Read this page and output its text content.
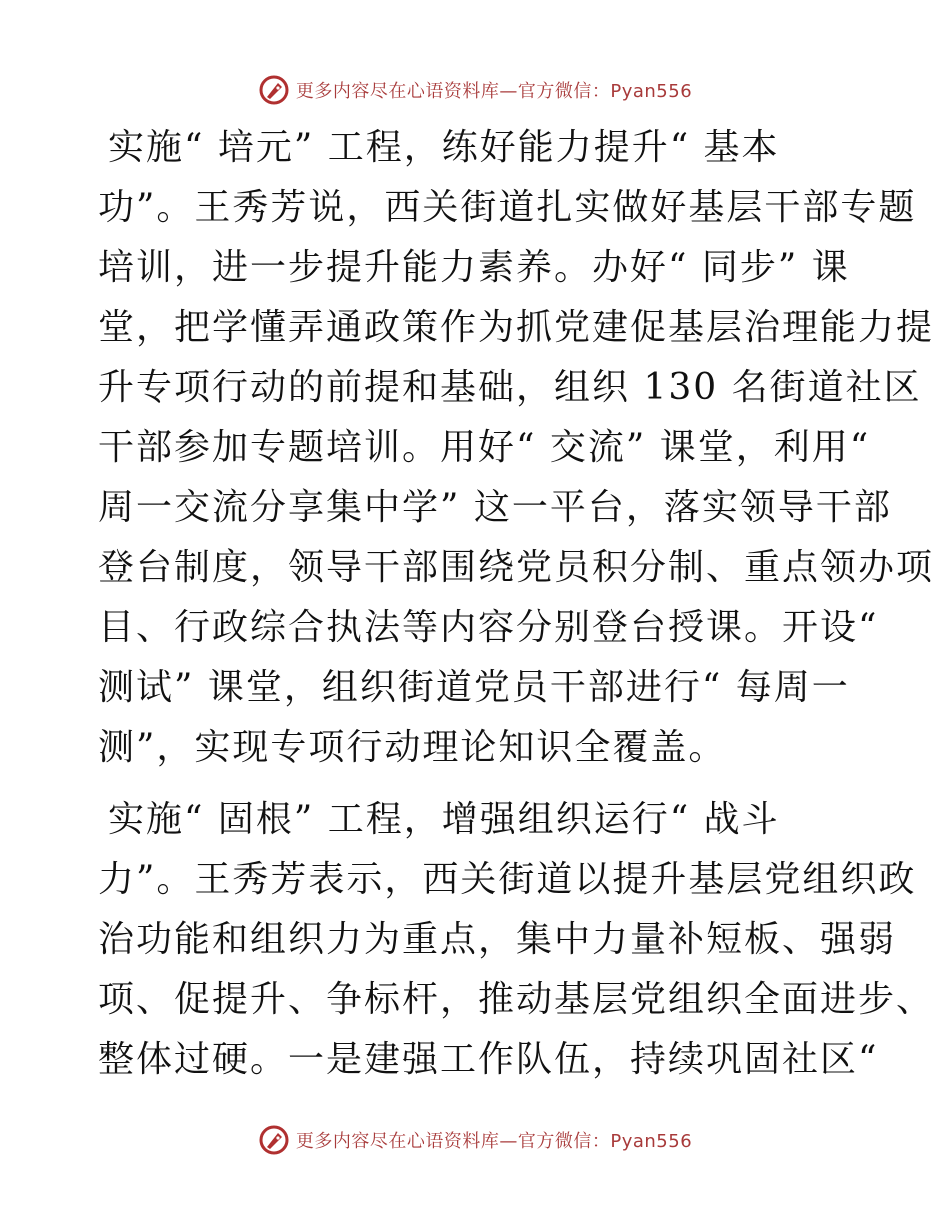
更多内容尽在心语资料库—官方微信：Pyan556
实施“ 培元” 工程，练好能力提升“ 基本
功”。王秀芳说，西关街道扎实做好基层干部专题
培训，进一步提升能力素养。办好“ 同步” 课
堂，把学懂弄通政策作为抓党建促基层治理能力提
升专项行动的前提和基础，组织 130 名街道社区
干部参加专题培训。用好“ 交流” 课堂，利用“
周一交流分享集中学” 这一平台，落实领导干部
登台制度，领导干部围绕党员积分制、重点领办项
目、行政综合执法等内容分别登台授课。开设“
测试” 课堂，组织街道党员干部进行“ 每周一
测”，实现专项行动理论知识全覆盖。
实施“ 固根” 工程，增强组织运行“ 战斗
力”。王秀芳表示，西关街道以提升基层党组织政
治功能和组织力为重点，集中力量补短板、强弱
项、促提升、争标杆，推动基层党组织全面进步、
整体过硬。一是建强工作队伍，持续巩固社区“
更多内容尽在心语资料库—官方微信：Pyan556
